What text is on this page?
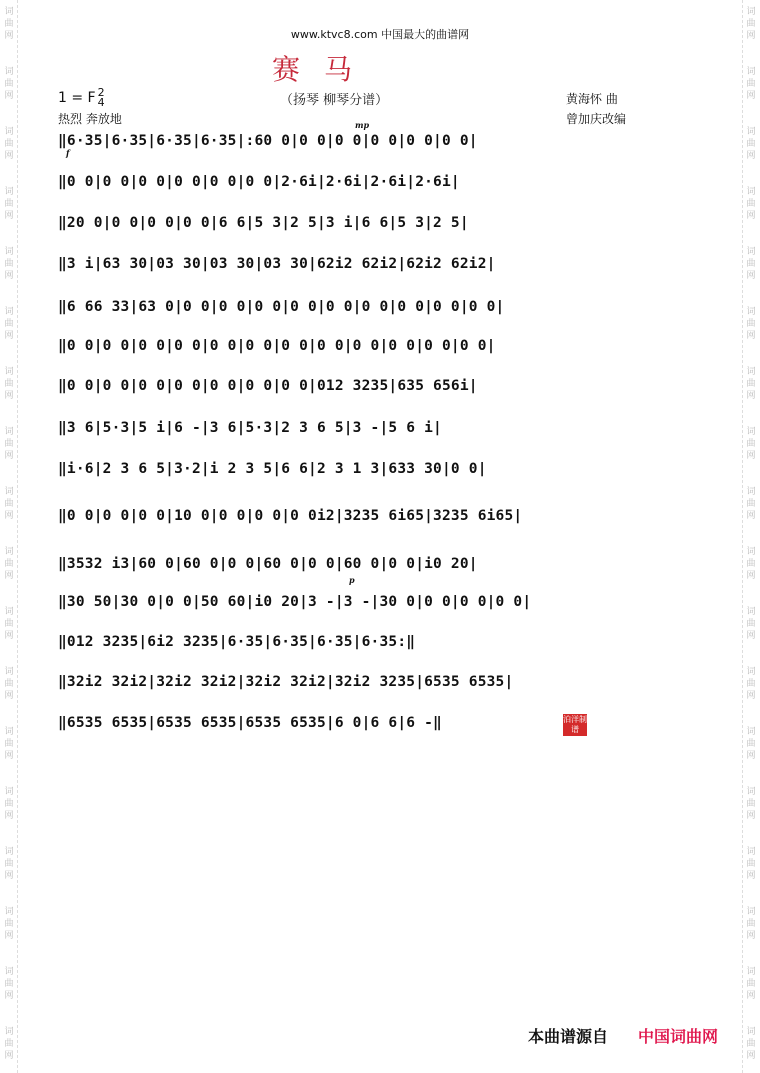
词
曲
网
词
曲
网
词
曲
网
词
曲
网
词
曲
网
词
曲
网
词
曲
网
词
曲
网
词
曲
网
词
曲
网
词
曲
网
词
曲
网
词
曲
网
词
曲
网
词
曲
网
词
曲
网
词
曲
网
词
曲
网
词
曲
网
词
曲
网
词
曲
网
词
曲
网
词
曲
网
词
曲
网
词
曲
网
词
曲
网
词
曲
网
词
曲
网
词
曲
网
词
曲
网
词
曲
网
词
曲
网
词
曲
网
词
曲
网
词
曲
网
词
曲
网
www.ktvc8.com 中国最大的曲谱网
赛马
（扬琴 柳琴分谱）
1 = F 2
4
热烈 奔放地
黄海怀 曲
曾加庆改编
mp
f
p
‖6·35|6·35|6·35|6·35|:60 0|0 0|0 0|0 0|0 0|0 0|
‖0 0|0 0|0 0|0 0|0 0|0 0|2·6i|2·6i|2·6i|2·6i|
‖20 0|0 0|0 0|0 0|6 6|5 3|2 5|3 i|6 6|5 3|2 5|
‖3 i|63 30|03 30|03 30|03 30|62i2 62i2|62i2 62i2|
‖6 66 33|63 0|0 0|0 0|0 0|0 0|0 0|0 0|0 0|0 0|0 0|
‖0 0|0 0|0 0|0 0|0 0|0 0|0 0|0 0|0 0|0 0|0 0|0 0|
‖0 0|0 0|0 0|0 0|0 0|0 0|0 0|012 3235|635 656i|
‖3 6|5·3|5 i|6 -|3 6|5·3|2 3 6 5|3 -|5 6 i|
‖i·6|2 3 6 5|3·2|i 2 3 5|6 6|2 3 1 3|633 30|0 0|
‖0 0|0 0|0 0|10 0|0 0|0 0|0 0i2|3235 6i65|3235 6i65|
‖3532 i3|60 0|60 0|0 0|60 0|0 0|60 0|0 0|i0 20|
‖30 50|30 0|0 0|50 60|i0 20|3 -|3 -|30 0|0 0|0 0|0 0|
‖012 3235|6i2 3235|6·35|6·35|6·35|6·35:‖
‖32i2 32i2|32i2 32i2|32i2 32i2|32i2 3235|6535 6535|
‖6535 6535|6535 6535|6535 6535|6 0|6 6|6 -‖	泊洋制谱
本曲谱源自 中国词曲网
